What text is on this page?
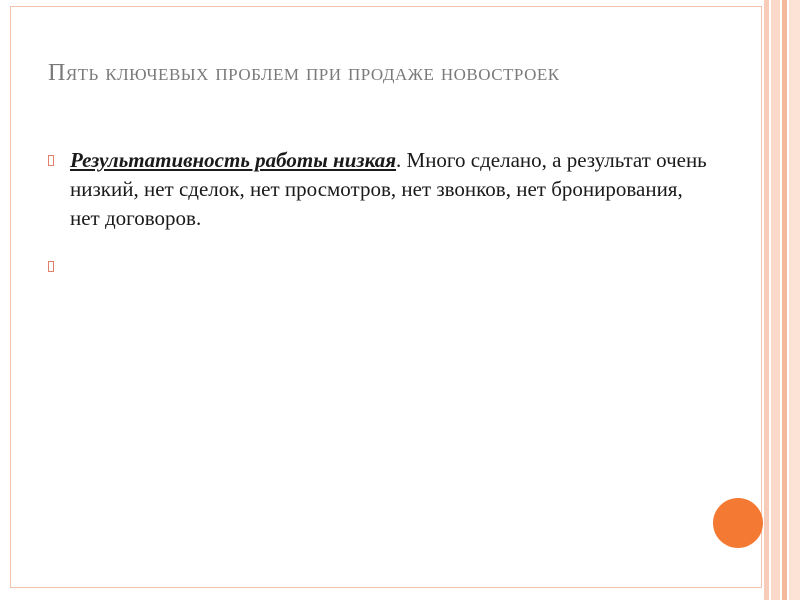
Пять ключевых проблем при продаже новостроек
Результативность работы низкая. Много сделано, а результат очень низкий, нет сделок, нет просмотров, нет звонков, нет бронирования, нет договоров.
